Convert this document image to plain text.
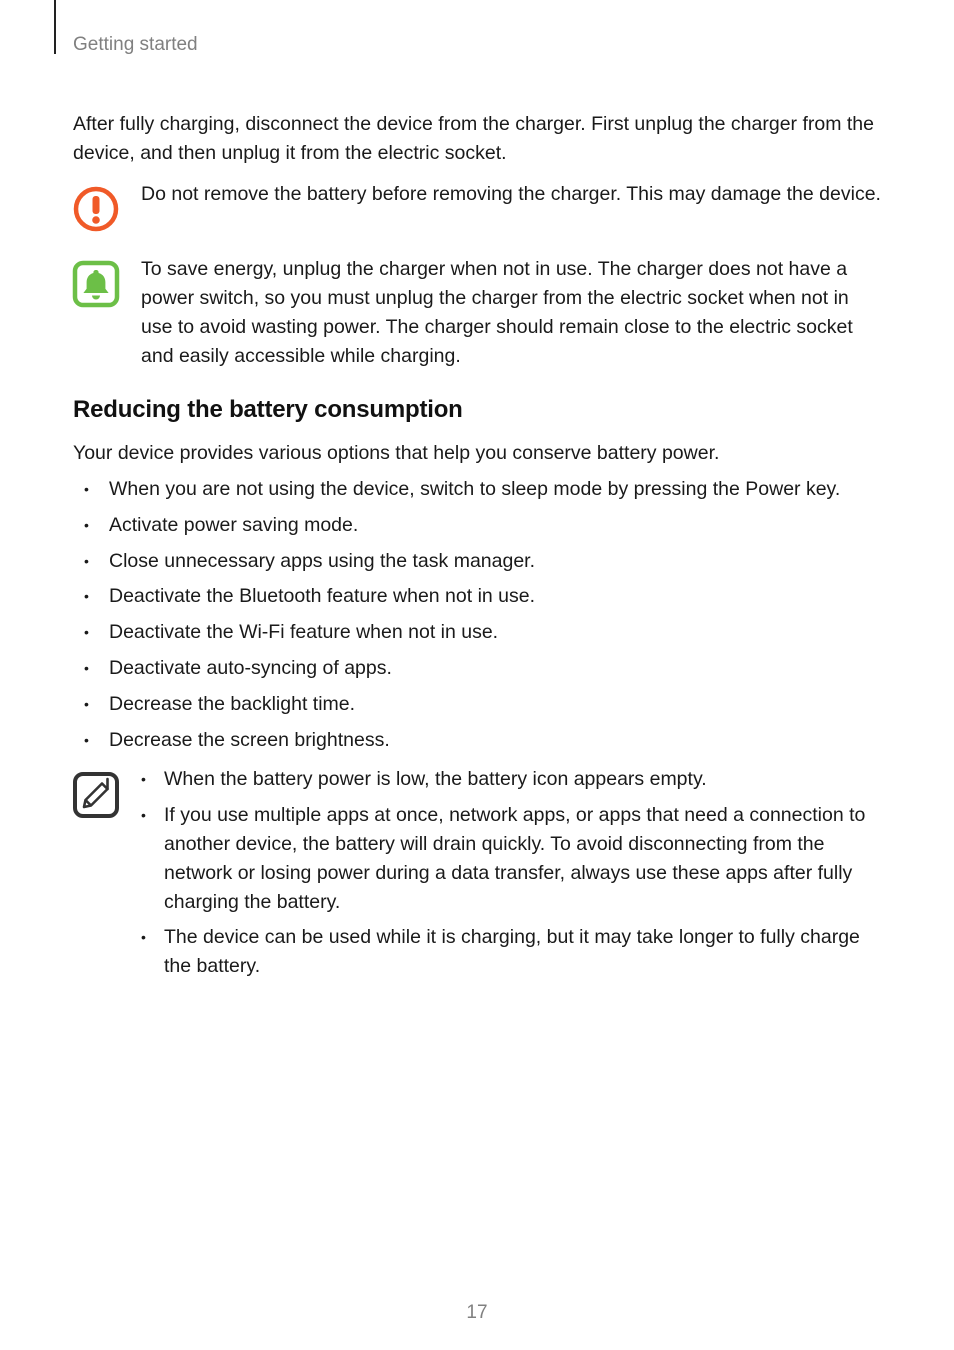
Getting started

After fully charging, disconnect the device from the charger. First unplug the charger from the device, and then unplug it from the electric socket.

Do not remove the battery before removing the charger. This may damage the device.

To save energy, unplug the charger when not in use. The charger does not have a power switch, so you must unplug the charger from the electric socket when not in use to avoid wasting power. The charger should remain close to the electric socket and easily accessible while charging.

Reducing the battery consumption

Your device provides various options that help you conserve battery power.

• When you are not using the device, switch to sleep mode by pressing the Power key.
• Activate power saving mode.
• Close unnecessary apps using the task manager.
• Deactivate the Bluetooth feature when not in use.
• Deactivate the Wi-Fi feature when not in use.
• Deactivate auto-syncing of apps.
• Decrease the backlight time.
• Decrease the screen brightness.
• When the battery power is low, the battery icon appears empty.
• If you use multiple apps at once, network apps, or apps that need a connection to another device, the battery will drain quickly. To avoid disconnecting from the network or losing power during a data transfer, always use these apps after fully charging the battery.
• The device can be used while it is charging, but it may take longer to fully charge the battery.
17
